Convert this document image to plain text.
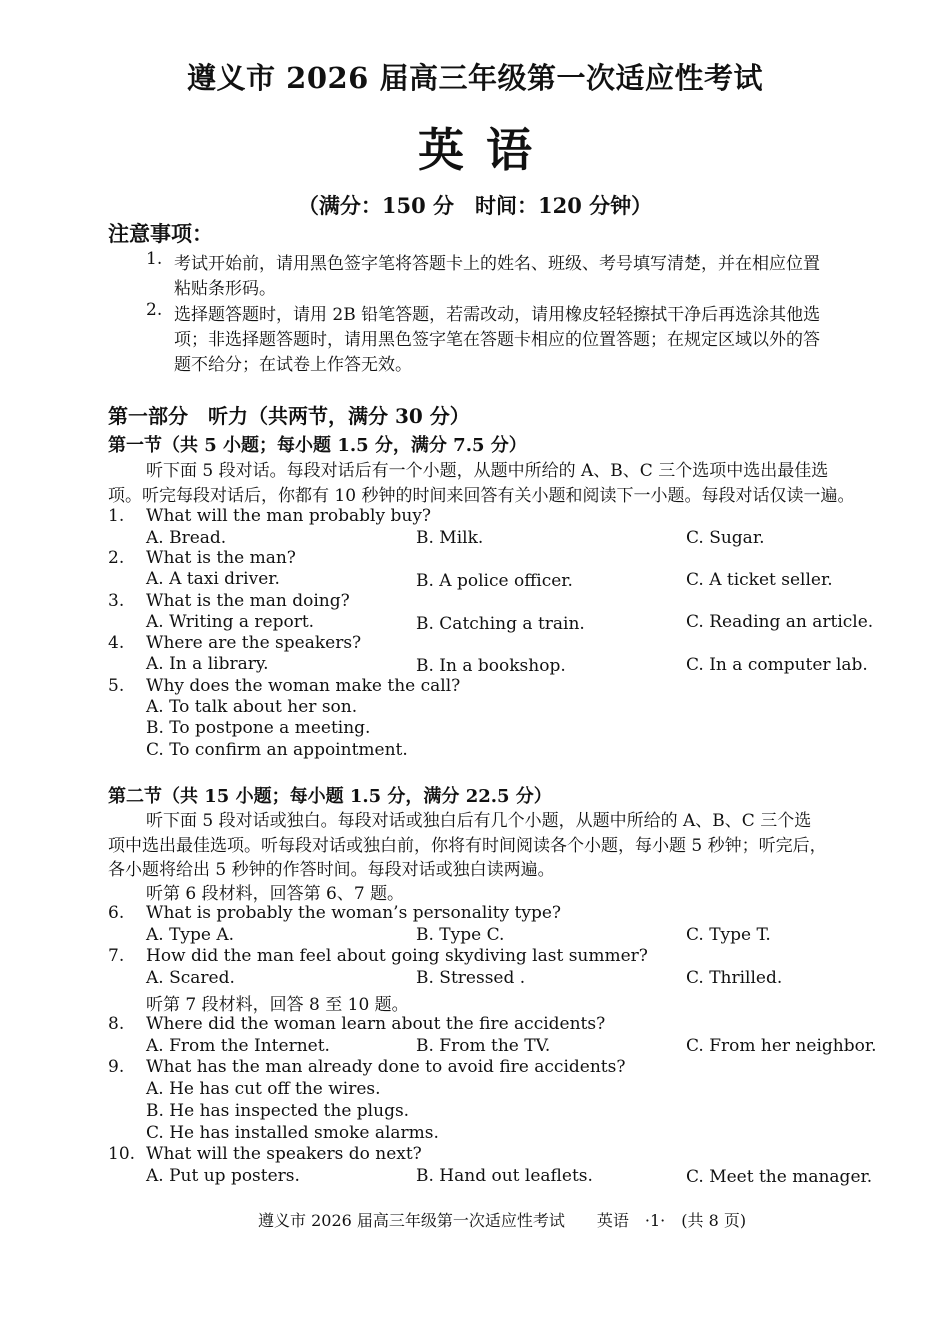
遵义市 2026 届高三年级第一次适应性考试
英语
（满分：150 分　时间：120 分钟）
注意事项：
1. 考试开始前，请用黑色签字笔将答题卡上的姓名、班级、考号填写清楚，并在相应位置
粘贴条形码。
2. 选择题答题时，请用 2B 铅笔答题，若需改动，请用橡皮轻轻擦拭干净后再选涂其他选
项；非选择题答题时，请用黑色签字笔在答题卡相应的位置答题；在规定区域以外的答
题不给分；在试卷上作答无效。
第一部分　听力（共两节，满分 30 分）
第一节（共 5 小题；每小题 1.5 分，满分 7.5 分）
听下面 5 段对话。每段对话后有一个小题，从题中所给的 A、B、C 三个选项中选出最佳选
项。听完每段对话后，你都有 10 秒钟的时间来回答有关小题和阅读下一小题。每段对话仅读一遍。
1. What will the man probably buy?
A. Bread.	B. Milk.	C. Sugar.
2. What is the man?
A. A taxi driver.	B. A police officer.	C. A ticket seller.
3. What is the man doing?
A. Writing a report.	B. Catching a train.	C. Reading an article.
4. Where are the speakers?
A. In a library.	B. In a bookshop.	C. In a computer lab.
5. Why does the woman make the call?
A. To talk about her son.
B. To postpone a meeting.
C. To confirm an appointment.
第二节（共 15 小题；每小题 1.5 分，满分 22.5 分）
听下面 5 段对话或独白。每段对话或独白后有几个小题，从题中所给的 A、B、C 三个选
项中选出最佳选项。听每段对话或独白前，你将有时间阅读各个小题，每小题 5 秒钟；听完后，
各小题将给出 5 秒钟的作答时间。每段对话或独白读两遍。
听第 6 段材料，回答第 6、7 题。
6. What is probably the woman’s personality type?
A. Type A.	B. Type C.	C. Type T.
7. How did the man feel about going skydiving last summer?
A. Scared.	B. Stressed .	C. Thrilled.
听第 7 段材料，回答 8 至 10 题。
8. Where did the woman learn about the fire accidents?
A. From the Internet.	B. From the TV.	C. From her neighbor.
9. What has the man already done to avoid fire accidents?
A. He has cut off the wires.
B. He has inspected the plugs.
C. He has installed smoke alarms.
10. What will the speakers do next?
A. Put up posters.	B. Hand out leaflets.	C. Meet the manager.
遵义市 2026 届高三年级第一次适应性考试　　英语　·1·　(共 8 页)
